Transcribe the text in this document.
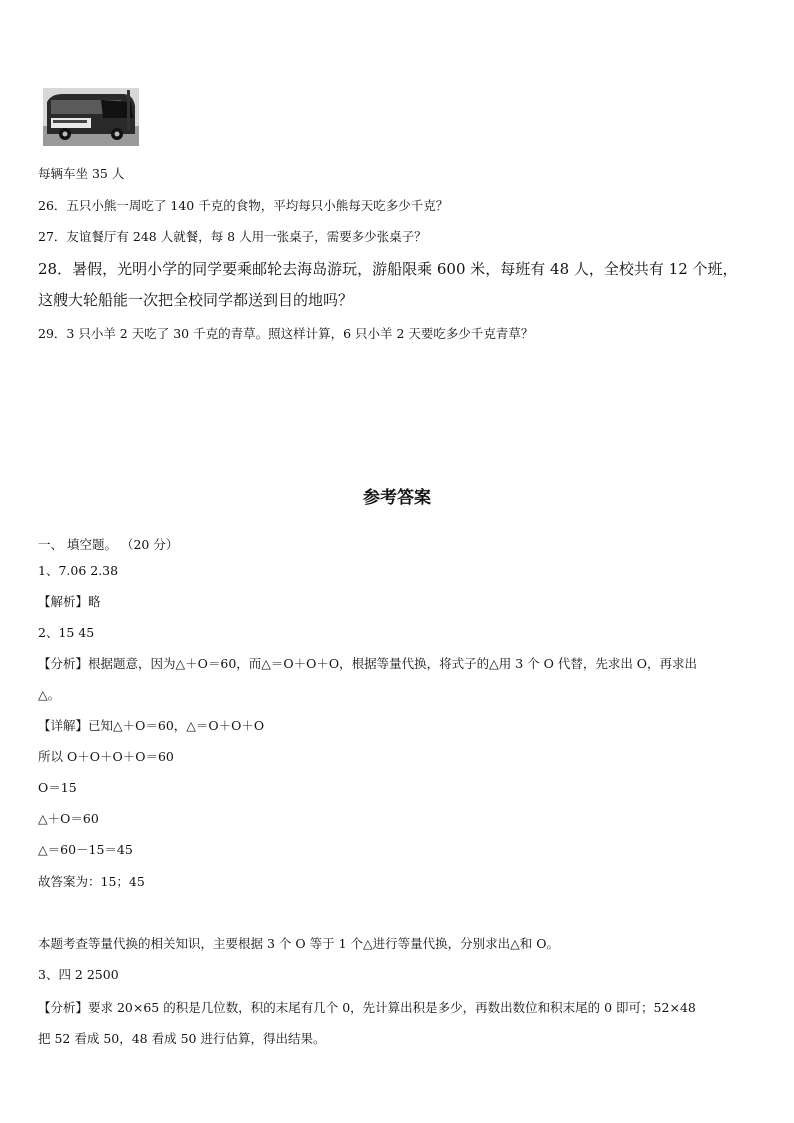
每辆车坐 35 人
26．五只小熊一周吃了 140 千克的食物，平均每只小熊每天吃多少千克？
27．友谊餐厅有 248 人就餐，每 8 人用一张桌子，需要多少张桌子？
28．暑假，光明小学的同学要乘邮轮去海岛游玩，游船限乘 600 米，每班有 48 人，全校共有 12 个班，
这艘大轮船能一次把全校同学都送到目的地吗？
29．3 只小羊 2 天吃了 30 千克的青草。照这样计算，6 只小羊 2 天要吃多少千克青草？
参考答案
一、 填空题。 （20 分）
1、7.06 2.38
【解析】略
2、15 45
【分析】根据题意，因为△＋O＝60，而△＝O＋O＋O，根据等量代换，将式子的△用 3 个 O 代替，先求出 O，再求出
△。
【详解】已知△＋O＝60，△＝O＋O＋O
所以 O＋O＋O＋O＝60
O＝15
△＋O＝60
△＝60－15＝45
故答案为：15；45
本题考查等量代换的相关知识，主要根据 3 个 O 等于 1 个△进行等量代换，分别求出△和 O。
3、四 2 2500
【分析】要求 20×65 的积是几位数，积的末尾有几个 0，先计算出积是多少，再数出数位和积末尾的 0 即可；52×48
把 52 看成 50，48 看成 50 进行估算，得出结果。
